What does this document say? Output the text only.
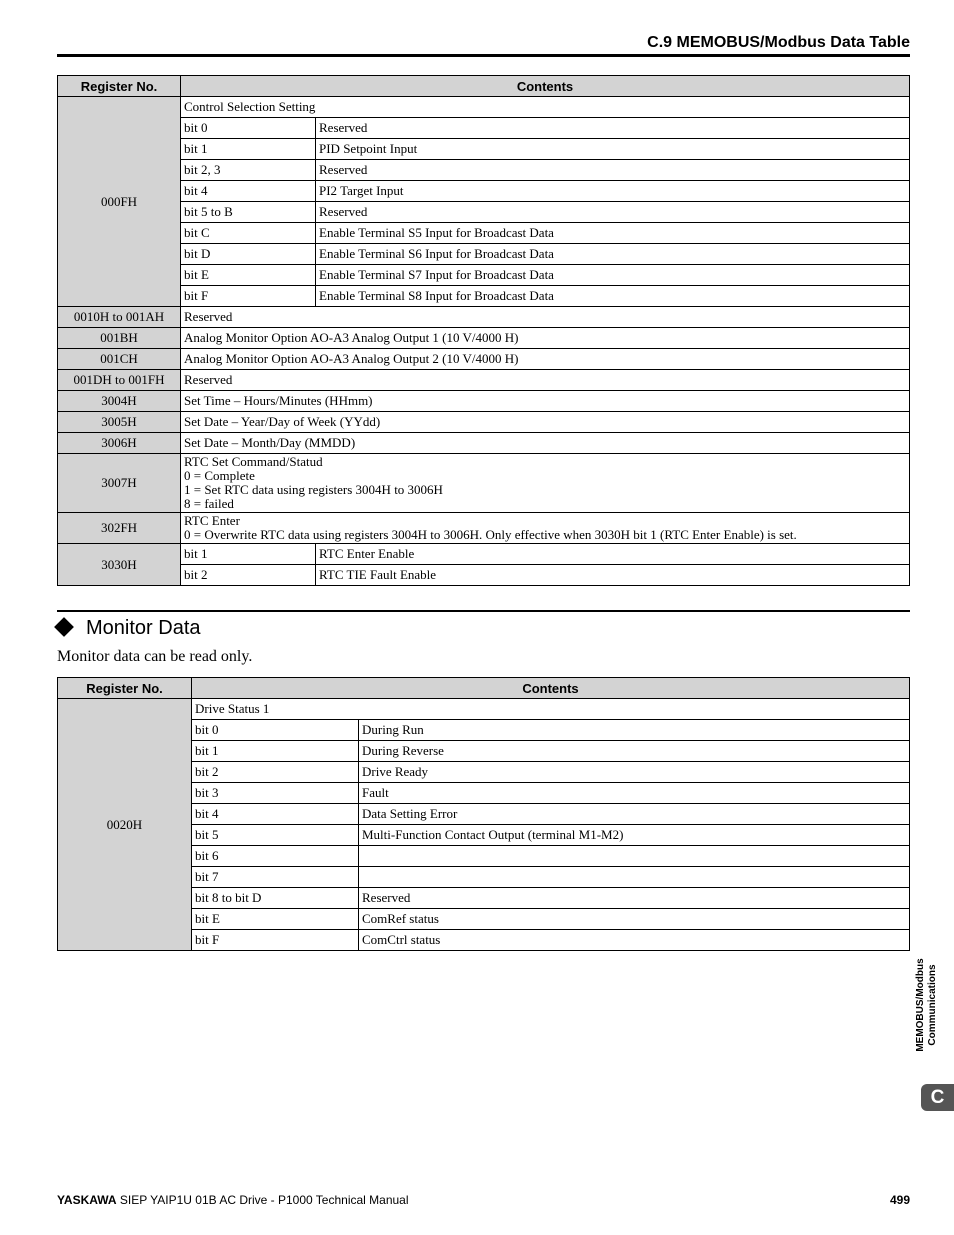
C.9 MEMOBUS/Modbus Data Table
Register No.	Contents	
000FH	Control Selection Setting	
	bit 0	Reserved
	bit 1	PID Setpoint Input
	bit 2, 3	Reserved
	bit 4	PI2 Target Input
	bit 5 to B	Reserved
	bit C	Enable Terminal S5 Input for Broadcast Data
	bit D	Enable Terminal S6 Input for Broadcast Data
	bit E	Enable Terminal S7 Input for Broadcast Data
	bit F	Enable Terminal S8 Input for Broadcast Data
0010H to 001AH	Reserved	
001BH	Analog Monitor Option AO-A3 Analog Output 1 (10 V/4000 H)	
001CH	Analog Monitor Option AO-A3 Analog Output 2 (10 V/4000 H)	
001DH to 001FH	Reserved	
3004H	Set Time – Hours/Minutes (HHmm)	
3005H	Set Date – Year/Day of Week (YYdd)	
3006H	Set Date – Month/Day (MMDD)	
3007H	RTC Set Command/Statud
0 = Complete
1 = Set RTC data using registers 3004H to 3006H
8 = failed	

302FH	RTC Enter
0 = Overwrite RTC data using registers 3004H to 3006H. Only effective when 3030H bit 1 (RTC Enter Enable) is set.	

3030H	bit 1	RTC Enter Enable
	bit 2	RTC TIE Fault Enable
Monitor Data
Monitor data can be read only.
Register No.	Contents	
0020H	Drive Status 1	
	bit 0	During Run
	bit 1	During Reverse
	bit 2	Drive Ready
	bit 3	Fault
	bit 4	Data Setting Error
	bit 5	Multi-Function Contact Output (terminal M1-M2)
	bit 6	
	bit 7	
	bit 8 to bit D	Reserved
	bit E	ComRef status
	bit F	ComCtrl status
MEMOBUS/Modbus Communications
C
YASKAWA SIEP YAIP1U 01B AC Drive - P1000 Technical Manual	499
